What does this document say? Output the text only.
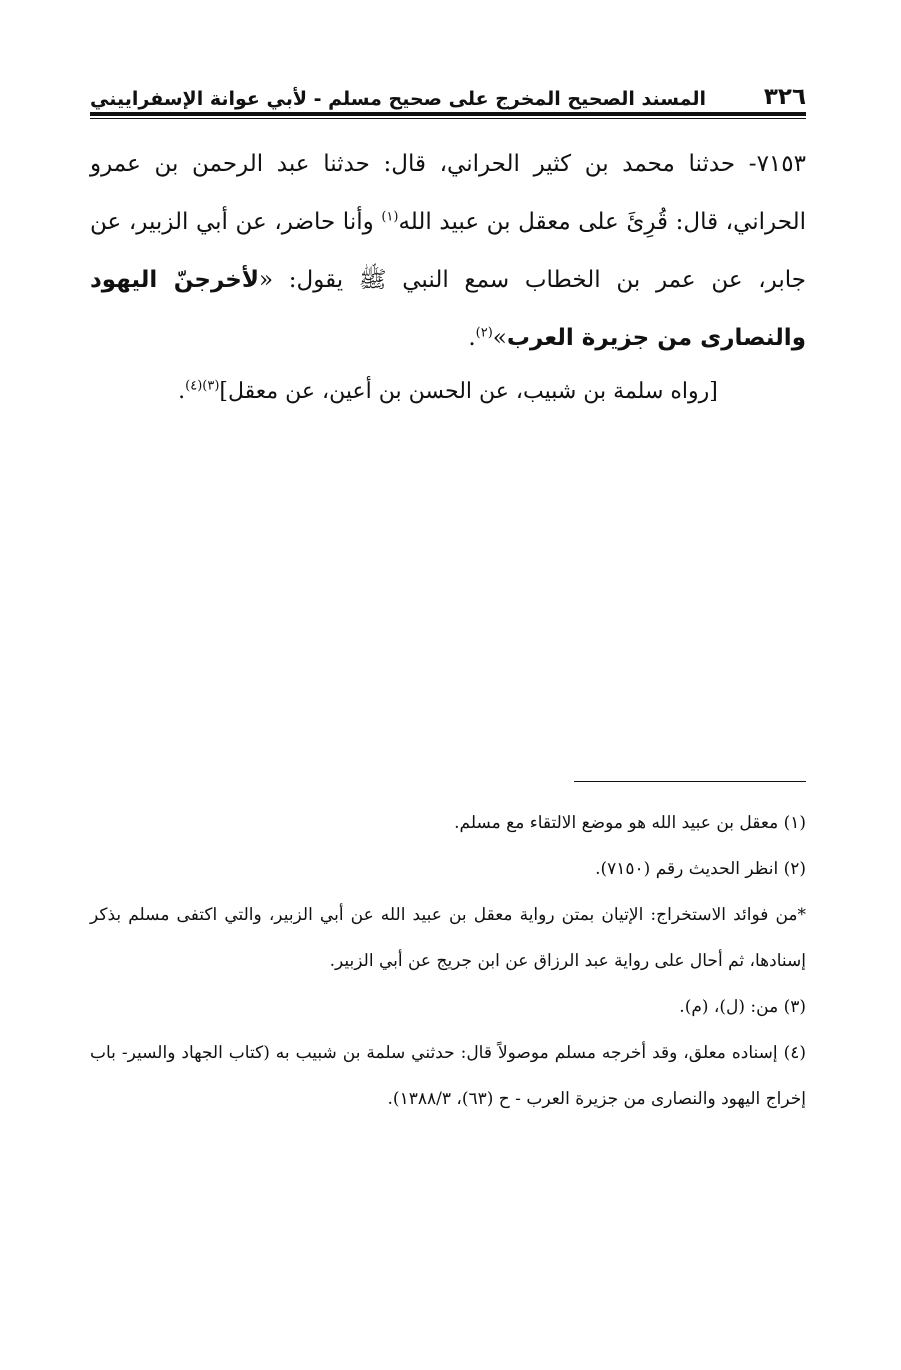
٣٢٦
المسند الصحيح المخرج على صحيح مسلم - لأبي عوانة الإسفراييني

٧١٥٣- حدثنا محمد بن كثير الحراني، قال: حدثنا عبد الرحمن بن عمرو الحراني، قال: قُرِئَ على معقل بن عبيد الله$^{(١)}$ وأنا حاضر، عن أبي الزبير، عن جابر، عن عمر بن الخطاب سمع النبي ﷺ يقول: «لأخرجنّ اليهود والنصارى من جزيرة العرب»$^{(٢)}$.

[رواه سلمة بن شبيب، عن الحسن بن أعين، عن معقل]$^{(٣)(٤)}$.

(١) معقل بن عبيد الله هو موضع الالتقاء مع مسلم.

(٢) انظر الحديث رقم (٧١٥٠).

*من فوائد الاستخراج: الإتيان بمتن رواية معقل بن عبيد الله عن أبي الزبير، والتي اكتفى مسلم بذكر إسنادها، ثم أحال على رواية عبد الرزاق عن ابن جريج عن أبي الزبير.

(٣) من: (ل)، (م).

(٤) إسناده معلق، وقد أخرجه مسلم موصولاً قال: حدثني سلمة بن شبيب به (كتاب الجهاد والسير- باب إخراج اليهود والنصارى من جزيرة العرب - ح (٦٣)، ١٣٨٨/٣).
